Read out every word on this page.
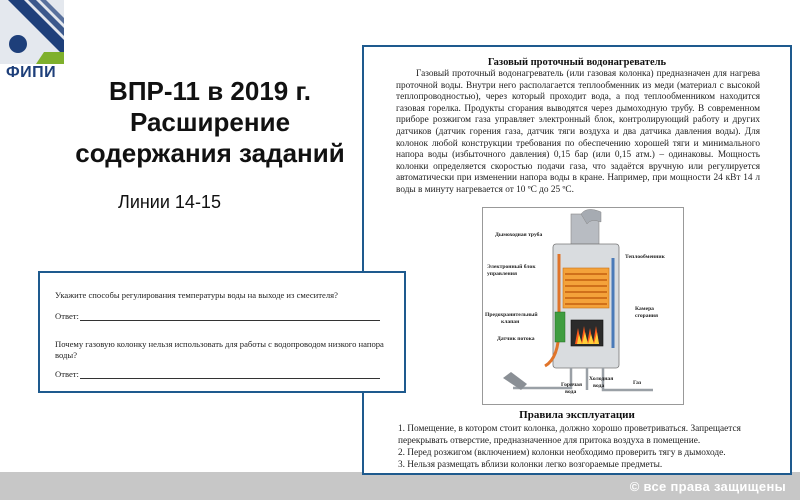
© все права защищены
ФИПИ
ВПР-11 в 2019 г.
Расширение
содержания заданий
Линии 14-15
Газовый проточный водонагреватель
Газовый проточный водонагреватель (или газовая колонка) предназначен для нагрева проточной воды. Внутри него располагается теплообменник из меди (материал с высокой теплопроводностью), через который проходит вода, а под теплообменником находится газовая горелка. Продукты сгорания выводятся через дымоходную трубу. В современном приборе розжигом газа управляет электронный блок, контролирующий работу и других датчиков (датчик горения газа, датчик тяги воздуха и два датчика давления воды). Для колонок любой конструкции требования по обеспечению хорошей тяги и минимального напора воды (избыточного давления) 0,15 бар (или 0,15 атм.) – одинаковы. Мощность колонки определяется скоростью подачи газа, что задаётся вручную или регулируется автоматически при изменении напора воды в кране. Например, при мощности 24 кВт 14 л воды в минуту нагревается от 10 ºС до 25 ºС.
Дымоходная труба
Теплообменник
Электронный блок
управления
Предохранительный
клапан
Датчик потока
Камера
сгорания
Горячая
вода
Холодная
вода	Газ
Правила эксплуатации
1. Помещение, в котором стоит колонка, должно хорошо проветриваться. Запрещается перекрывать отверстие, предназначенное для притока воздуха в помещение.
2. Перед розжигом (включением) колонки необходимо проверить тягу в дымоходе.
3. Нельзя размещать вблизи колонки легко возгораемые предметы.
Укажите способы регулирования температуры воды на выходе из смесителя?
Ответ:
Почему газовую колонку нельзя использовать для работы с водопроводом низкого напора воды?
Ответ:
